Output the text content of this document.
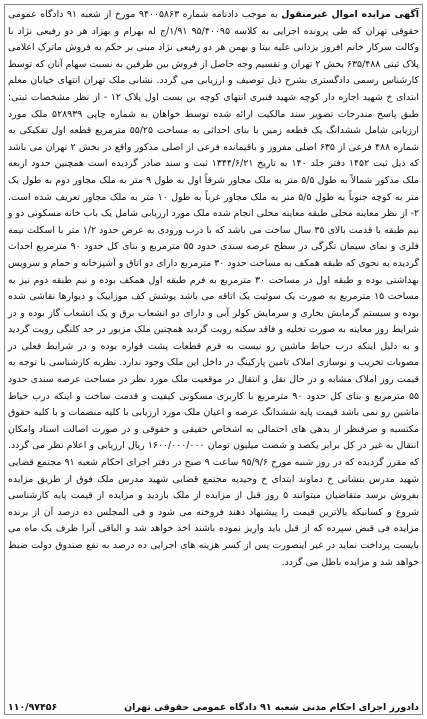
آگهی مزایده اموال غیرمنقول به موجب دادنامه شماره ۹۴۰۰۵۸۶۳ مورخ از شعبه ۹۱ دادگاه عمومی حقوقی تهران که طی پرونده اجرایی به کلاسه ۹۵/۴۰۰۹۵ ۱/۹۱/ج له بهرام و بهزاد هر دو رفیعی نژاد با وکالت سرکار خانم افروز یزدانی علیه بیتا و بهمن هر دو رفیعی نژاد مبنی بر حکم به فروش ماترک اعلامی پلاک ثبتی ۶۳۵/۴۸۸ بخش ۲ تهران و تقسیم وجه حاصل از فروش بین طرفین به نسبت سهام آنان که توسط کارشناس رسمی دادگستری بشرح ذیل توصیف و ارزیابی می گردد. نشانی ملک تهران انتهای خیابان معلم ابتدای خ شهید اجاره دار کوچه شهید قنبری انتهای کوچه بن بست اول پلاک ۱۲ - از نظر مشخصات ثبتی: طبق پاسخ مندرجات تصویر سند مالکیت ارائه شده توسط خواهان به شماره چاپی ۵۲۸۹۳۹ ملک مورد ارزیابی شامل ششدانگ یک قطعه زمین با بنای احداثی به مساحت ۵۵/۲۵ مترمربع قطعه اول تفکیکی به شماره ۴۸۸ فرعی از ۶۳۵ اصلی مفروز و باقیمانده فرعی از اصلی مذکور واقع در بخش ۲ تهران می باشد که ذیل ثبت ۱۴۵۲ دفتر جلد ۱۴۰ به تاریخ ۱۳۴۴/۶/۲۱ ثبت و سند صادر گردیده است همچنین حدود اربعه ملک مذکور شمالاً به طول ۵/۵ متر به ملک مجاور شرقاً اول به طول ۹ متر به ملک مجاور دوم به طول یک متر به کوچه جنوباً به طول ۵/۵ متر به ملک مجاور غرباً به طول ۱۰ متر به ملک مجاور تعریف شده است. ۲- از نظر معاینه محلی طبقه معاینه محلی انجام شده ملک مورد ارزیابی شامل یک باب خانه مسکونی دو و نیم طبقه با قدمت بالای ۳۵ سال ساخت می باشد که با درب ورودی به عرض حدود ۱/۲ متر با اسکلت نیمه فلزی و نمای سیمان تگرگی در سطح عرصه سندی حدود ۵۵ مترمربع و بنای کل حدود ۹۰ مترمربع احداث گردیده به نحوی که طبقه همکف به مساحت حدود ۳۰ مترمربع دارای دو اتاق و آشپزخانه و حمام و سرویس بهداشتی بوده و طبقه اول در مساحت ۳۰ مترمربع به فرم طبقه اول همکف بوده و نیم طبقه دوم نیز به مساحت ۱۵ مترمربع به صورت یک سوئیت یک اتاقه می باشد پوشش کف موزاییک و دیوارها نقاشی شده بوده و سیستم گرمایش بخاری و سرمایش کولر آبی و دارای دو انشعاب برق و یک انشعاب گاز بوده و در شرایط روز معاینه به صورت تخلیه و فاقد سکنه رویت گردید همچنین ملک مزبور در حد کلنگی رویت گردید و به دلیل اینکه درب حیاط ماشین رو نیست به فرم قطعات پشت قواره بوده و در شرایط فعلی در مصوبات تخریب و نوسازی املاک تامین پارکینگ در داخل این ملک وجود ندارد. نظریه کارشناسی با توجه به قیمت روز املاک مشابه و در حال نقل و انتقال در موقعیت ملک مورد نظر در مساحت عرصه سندی حدود ۵۵ مترمربع و بنای کل حدود ۹۰ مترمربع با کاربری مسکونی کیفیت و قدمت ساخت و اینکه درب حیاط ماشین رو نمی باشد قیمت پایه ششدانگ عرصه و اعیان ملک مورد ارزیابی با کلیه منضمات و با کلیه حقوق مکتسبه و صرفنظر از بدهی های احتمالی به اشخاص حقیقی و حقوقی و در صورت اصالت اسناد وامکان انتقال به غیر در کل برابر یکصد و شصت میلیون تومان ۱۶۰۰/۰۰۰/۰۰۰ ریال ارزیابی و اعلام نظر می گردد. که مقرر گردیده که در روز شنبه مورخ ۹۵/۹/۶ ساعت ۹ صبح در دفتر اجرای احکام شعبه ۹۱ مجتمع قضایی شهید مدرس بنشانی خ دماوند ابتدای خ وحیدیه مجتمع قضایی شهید مدرس ملک فوق از طریق مزایده بفروش برسد متقاضیان میتوانند ۵ روز قبل از مزایده از ملک بازدید و مزایده از قیمت پایه کارشناسی شروع و کسانیکه بالاترین قیمت را پیشنهاد دهند فروخته می شود و فی المجلس ده درصد آن از برنده مزایده فی قبض سپرده که از قبل باید واریز نموده باشند اخذ خواهد شد و الباقی آنرا ظرف یک ماه می بایست پرداخت نماید در غیر اینصورت پس از کسر هزینه های اجرایی ده درصد به نفع صندوق دولت ضبط خواهد شد و مزایده باطل می گردد.

دادورز اجرای احکام مدنی شعبه ۹۱ دادگاه عمومی حقوقی تهران
۱۱۰/۹۷۴۵۶
